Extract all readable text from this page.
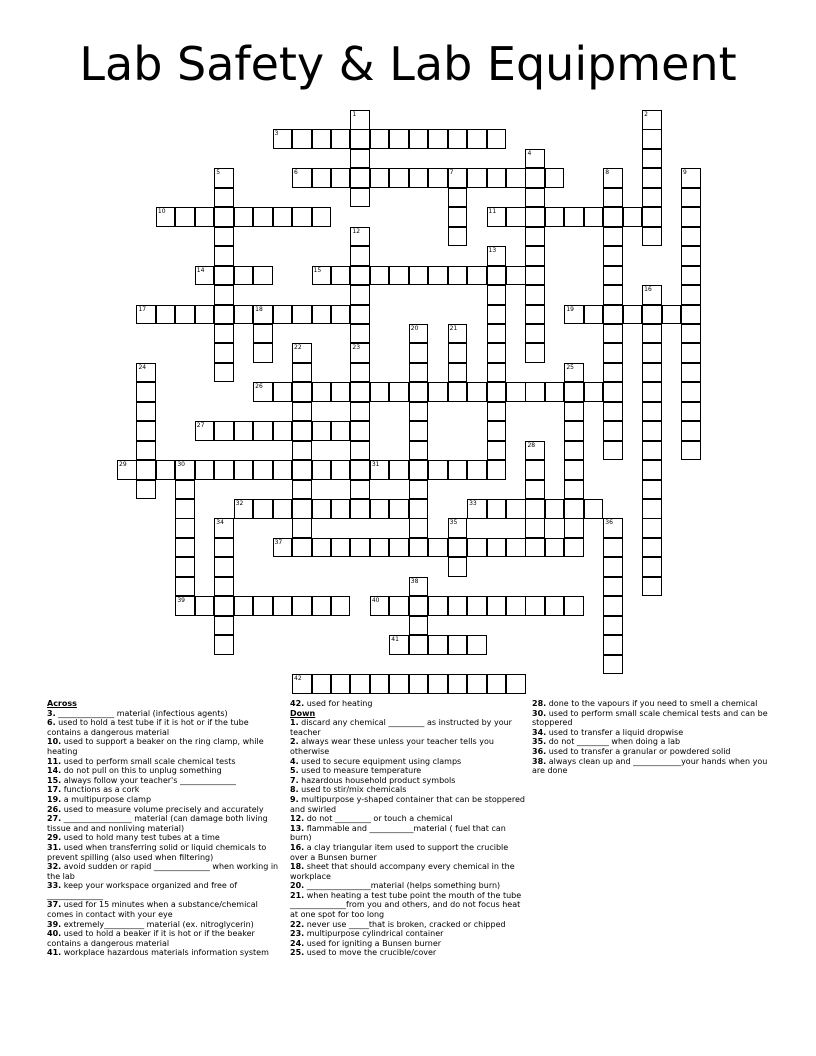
Lab Safety & Lab Equipment
3
1	2
4
5	6	7	8	9
10	11
12
23
13
14	15
16
17	18	19
20	21
22
24	25
26
27
28
29	30	31
32	33
34	35	36
37
38
39	40
41
42
Across
3. ______________ material (infectious agents)
6. used to hold a test tube if it is hot or if the tube contains a dangerous material
10. used to support a beaker on the ring clamp, while heating
11. used to perform small scale chemical tests
14. do not pull on this to unplug something
15. always follow your teacher's ______________
17. functions as a cork
19. a multipurpose clamp
26. used to measure volume precisely and accurately
27. _________________ material (can damage both living tissue and and nonliving material)
29. used to hold many test tubes at a time
31. used when transferring solid or liquid chemicals to prevent spilling (also used when filtering)
32. avoid sudden or rapid ______________ when working in the lab
33. keep your workspace organized and free of ______________
37. used for 15 minutes when a substance/chemical comes in contact with your eye
39. extremely__________ material (ex. nitroglycerin)
40. used to hold a beaker if it is hot or if the beaker contains a dangerous material
41. workplace hazardous materials information system
42. used for heating
Down
1. discard any chemical _________ as instructed by your teacher
2. always wear these unless your teacher tells you otherwise
4. used to secure equipment using clamps
5. used to measure temperature
7. hazardous household product symbols
8. used to stir/mix chemicals
9. multipurpose y-shaped container that can be stoppered and swirled
12. do not _________ or touch a chemical
13. flammable and ___________material ( fuel that can burn)
16. a clay triangular item used to support the crucible over a Bunsen burner
18. sheet that should accompany every chemical in the workplace
20. ________________material (helps something burn)
21. when heating a test tube point the mouth of the tube ______________from you and others, and do not focus heat at one spot for too long
22. never use _____that is broken, cracked or chipped
23. multipurpose cylindrical container
24. used for igniting a Bunsen burner
25. used to move the crucible/cover
28. done to the vapours if you need to smell a chemical
30. used to perform small scale chemical tests and can be stoppered
34. used to transfer a liquid dropwise
35. do not ________ when doing a lab
36. used to transfer a granular or powdered solid
38. always clean up and ____________your hands when you are done
